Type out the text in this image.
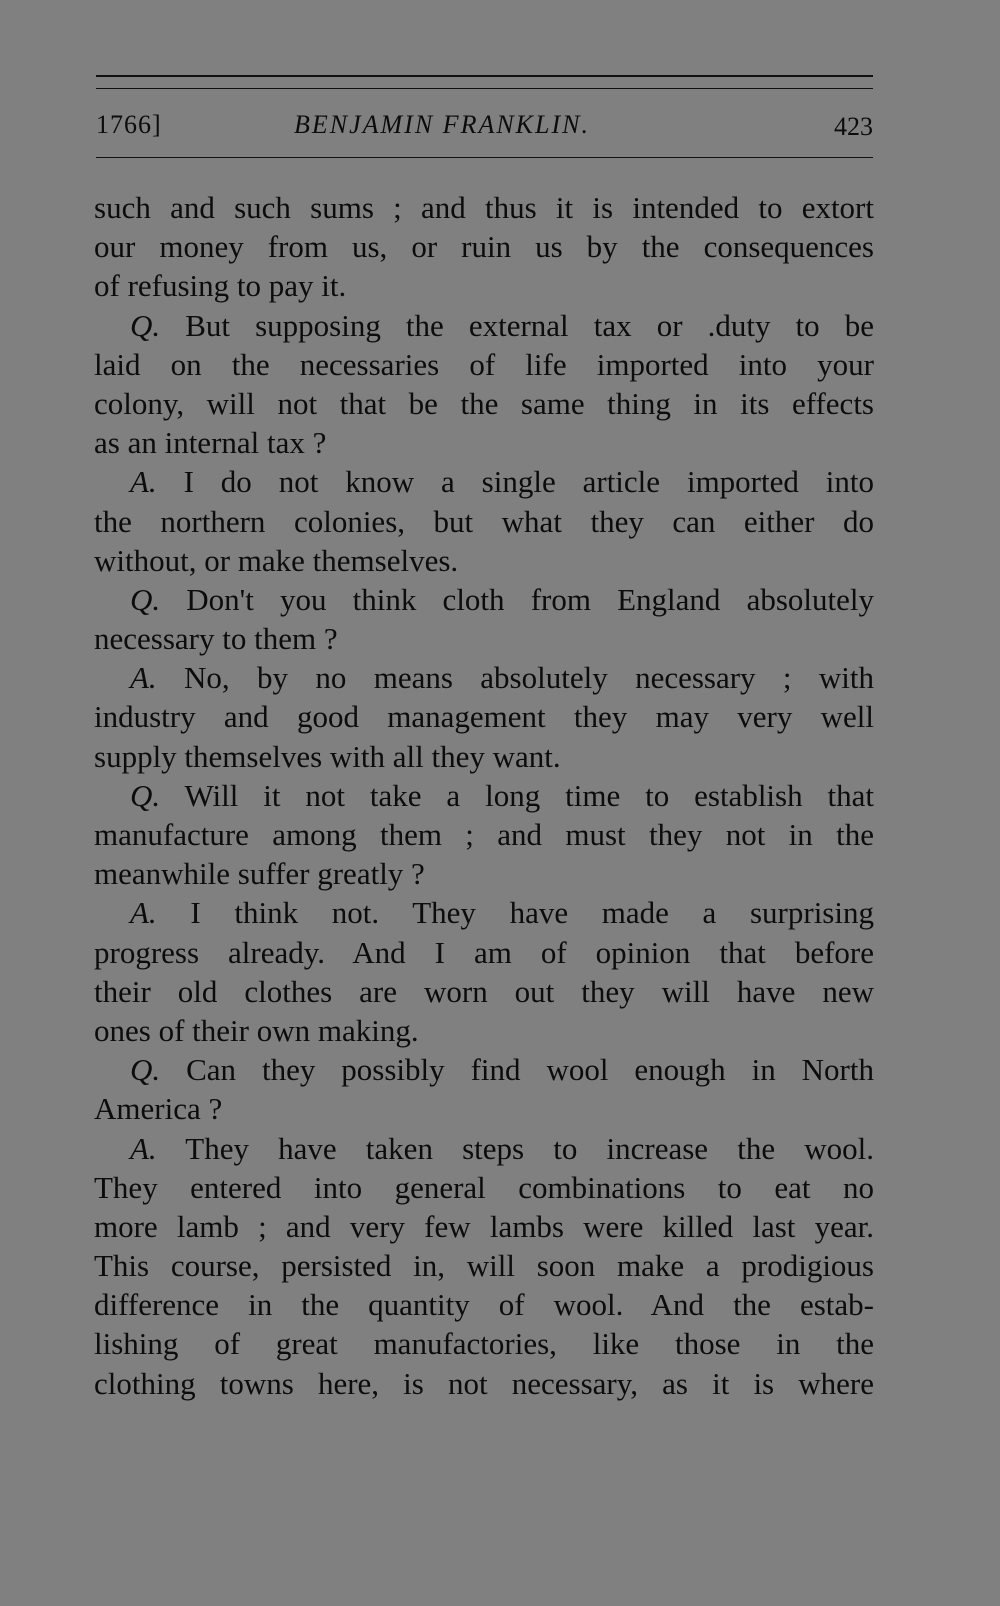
1766]	BENJAMIN FRANKLIN.	423
such and such sums ; and thus it is intended to extort
our money from us, or ruin us by the consequences
of refusing to pay it.
Q. But supposing the external tax or .duty to be
laid on the necessaries of life imported into your
colony, will not that be the same thing in its effects
as an internal tax ?
A. I do not know a single article imported into
the northern colonies, but what they can either do
without, or make themselves.
Q. Don't you think cloth from England absolutely
necessary to them ?
A. No, by no means absolutely necessary ; with
industry and good management they may very well
supply themselves with all they want.
Q. Will it not take a long time to establish that
manufacture among them ; and must they not in the
meanwhile suffer greatly ?
A. I think not. They have made a surprising
progress already. And I am of opinion that before
their old clothes are worn out they will have new
ones of their own making.
Q. Can they possibly find wool enough in North
America ?
A. They have taken steps to increase the wool.
They entered into general combinations to eat no
more lamb ; and very few lambs were killed last year.
This course, persisted in, will soon make a prodigious
difference in the quantity of wool. And the estab-
lishing of great manufactories, like those in the
clothing towns here, is not necessary, as it is where
